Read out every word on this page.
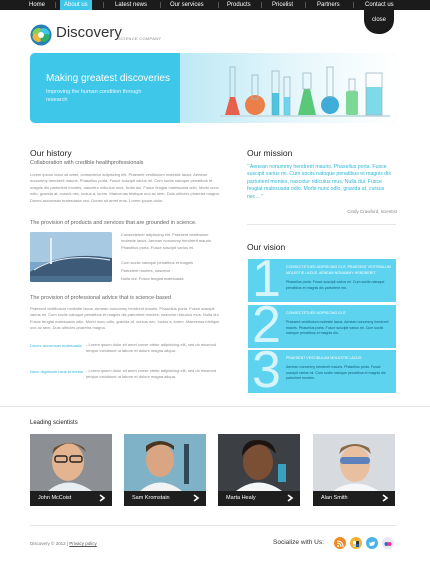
Home	About us	Latest news	Our services	Products	Pricelist	Partners	Contact us
close
Discovery
SCIENCE COMPANY
Making greatest discoveries
Improving the human condition through research
Our history
Collaboration with credible healthprofessionals
Lorem ipsum dolor sit amet, consectetur adipiscing elit. Praesent vestibulum molestie lacus. Aenean nonummy hendrerit mauris. Phasellus porta. Fusce suscipit varius mi. Cum sociis natoque penatibus et magnis dis parturient montes, nascetur ridiculus mus. Nulla dui. Fusce feugiat malesuada odio. Morbi nunc odio, gravida at, cursus nec, luctus a, lorem. Maecenas tristique orci ac sem. Duis ultricies pharetra magna. Donec accumsan malesuada orci. Donec sit amet eros. Lorem ipsum dolor.
The provision of products and services that are grounded in science.
Consectetuer adipiscing elit. Praesent vestibulum molestie lacus. Aenean nonummy hendrerit mauris. Phasellus porta. Fusce suscipit varius mi.
Cum sociis natoque penatibus et magnis
Parturient montes, nascetur
Nulla dui. Fusce feugiat malesuada
The provision of professional advice that is science-based
Praesent vestibulum molestie lacus. Aenean nonummy hendrerit mauris. Phasellus porta. Fusce suscipit varius mi. Cum sociis natoque penatibus et magnis dis parturient montes, nascetur ridiculus mus. Nulla dui. Fusce feugiat malesuada odio. Morbi nunc odio, gravida at, cursus nec, luctus a, lorem. Maecenas tristique orci ac sem. Duis ultricies pharetra magna.
Donec accumsan malesuada - Lorem ipsum dolor sit amet conse ctetur adipisicing elit, sed do eiusmod tempor incididunt ut labore et dolore magna aliqua.
Nunc dignissim risus id metus - Lorem ipsum dolor sit amet conse ctetur adipisicing elit, sed do eiusmod tempor incididunt ut labore et dolore magna aliqua.
Our mission
“ Aenean nonummy hendrerit mauris. Phasellus porta. Fusce suscipit varius mi. Cum sociis natoque penatibus et magnis dis parturient montes, nascetur ridiculus mus. Nulla dui. Fusce feugiat malesuada odio. Morbi nunc odio, gravida at, cursus nec... ”
Cindy Crawford, scientist
Our vision
1 CONSECTETUER ADIPISCING ELIT. PRAESENT VESTIBULUM MOLESTIE LACUS. AENEAN NONUMMY HENDRERIT.
Phasellus porta. Fusce suscipit varius mi. Cum sociis natoque penatibus et magnis dis parturient mo.
2 CONSECTETUER ADIPISCING ELIT.
Praesent vestibulum molestie lacus. Aenean nonummy hendrerit mauris. Phasellus porta. Fusce suscipit varius mi. Cum sociis natoque penatibus et magnis dis.
3 PRAESENT VESTIBULUM MOLESTIE LACUS.
Aenean nonummy hendrerit mauris. Phasellus porta. Fusce suscipit varius mi. Cum sociis natoque penatibus et magnis dis parturient montes.
Leading scientists
John McCoist	Sam Kromstain	Marta Healy	Alan Smith
Discovery © 2012 | Privacy policy	Socialize with Us:
